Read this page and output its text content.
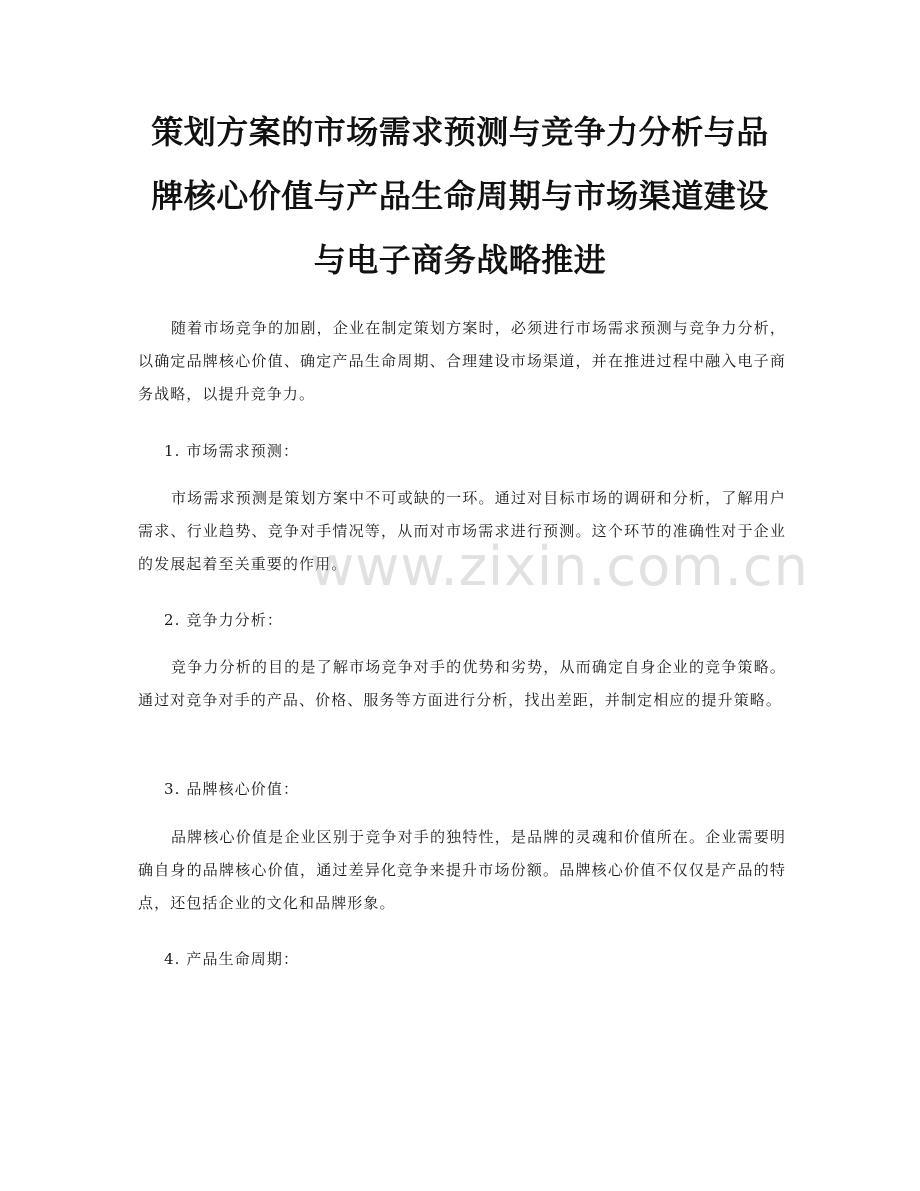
策划方案的市场需求预测与竞争力分析与品
牌核心价值与产品生命周期与市场渠道建设
与电子商务战略推进

随着市场竞争的加剧，企业在制定策划方案时，必须进行市场需求预测与竞争力分析，以确定品牌核心价值、确定产品生命周期、合理建设市场渠道，并在推进过程中融入电子商务战略，以提升竞争力。

1. 市场需求预测：

市场需求预测是策划方案中不可或缺的一环。通过对目标市场的调研和分析，了解用户需求、行业趋势、竞争对手情况等，从而对市场需求进行预测。这个环节的准确性对于企业的发展起着至关重要的作用。

2. 竞争力分析：

竞争力分析的目的是了解市场竞争对手的优势和劣势，从而确定自身企业的竞争策略。通过对竞争对手的产品、价格、服务等方面进行分析，找出差距，并制定相应的提升策略。

3. 品牌核心价值：

品牌核心价值是企业区别于竞争对手的独特性，是品牌的灵魂和价值所在。企业需要明确自身的品牌核心价值，通过差异化竞争来提升市场份额。品牌核心价值不仅仅是产品的特点，还包括企业的文化和品牌形象。

4. 产品生命周期：

www.zixin.com.cn
